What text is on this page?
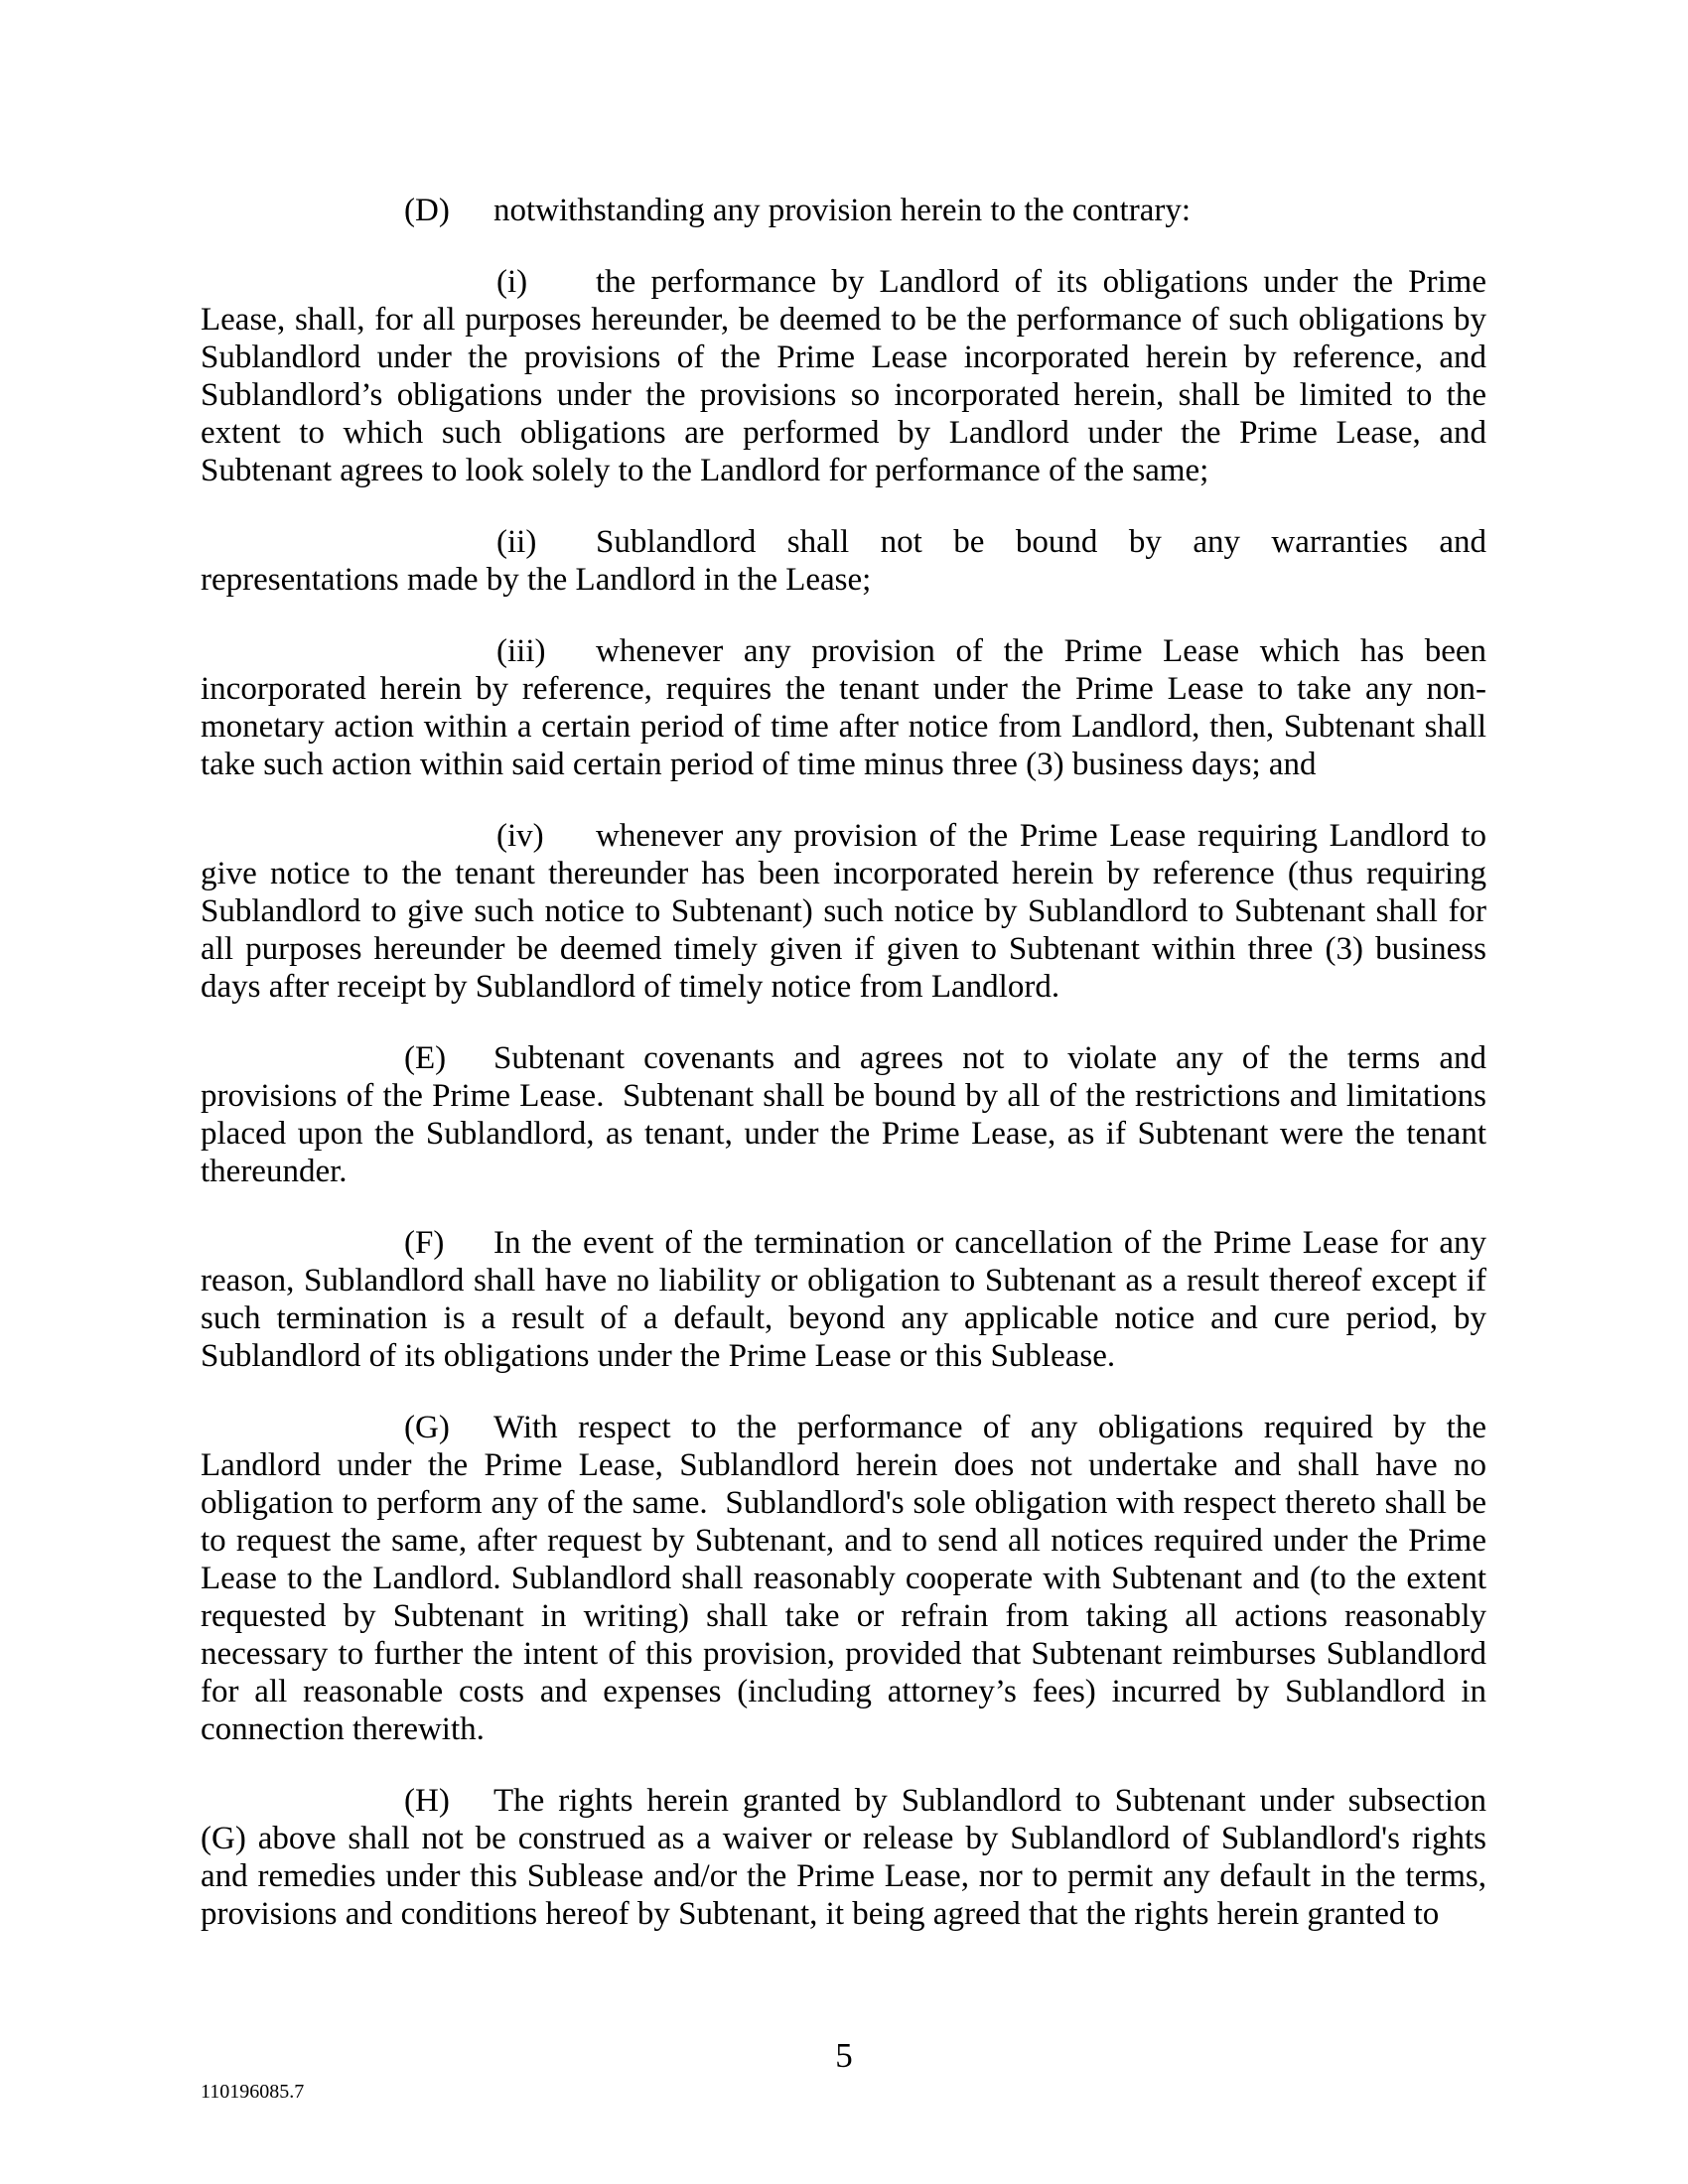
(D) notwithstanding any provision herein to the contrary:

(i) the performance by Landlord of its obligations under the Prime Lease, shall, for all purposes hereunder, be deemed to be the performance of such obligations by Sublandlord under the provisions of the Prime Lease incorporated herein by reference, and Sublandlord’s obligations under the provisions so incorporated herein, shall be limited to the extent to which such obligations are performed by Landlord under the Prime Lease, and Subtenant agrees to look solely to the Landlord for performance of the same;

(ii) Sublandlord shall not be bound by any warranties and representations made by the Landlord in the Lease;

(iii) whenever any provision of the Prime Lease which has been incorporated herein by reference, requires the tenant under the Prime Lease to take any non-monetary action within a certain period of time after notice from Landlord, then, Subtenant shall take such action within said certain period of time minus three (3) business days; and

(iv) whenever any provision of the Prime Lease requiring Landlord to give notice to the tenant thereunder has been incorporated herein by reference (thus requiring Sublandlord to give such notice to Subtenant) such notice by Sublandlord to Subtenant shall for all purposes hereunder be deemed timely given if given to Subtenant within three (3) business days after receipt by Sublandlord of timely notice from Landlord.

(E) Subtenant covenants and agrees not to violate any of the terms and provisions of the Prime Lease.  Subtenant shall be bound by all of the restrictions and limitations placed upon the Sublandlord, as tenant, under the Prime Lease, as if Subtenant were the tenant thereunder.

(F) In the event of the termination or cancellation of the Prime Lease for any reason, Sublandlord shall have no liability or obligation to Subtenant as a result thereof except if such termination is a result of a default, beyond any applicable notice and cure period, by Sublandlord of its obligations under the Prime Lease or this Sublease.

(G) With respect to the performance of any obligations required by the Landlord under the Prime Lease, Sublandlord herein does not undertake and shall have no obligation to perform any of the same.  Sublandlord's sole obligation with respect thereto shall be to request the same, after request by Subtenant, and to send all notices required under the Prime Lease to the Landlord. Sublandlord shall reasonably cooperate with Subtenant and (to the extent requested by Subtenant in writing) shall take or refrain from taking all actions reasonably necessary to further the intent of this provision, provided that Subtenant reimburses Sublandlord for all reasonable costs and expenses (including attorney’s fees) incurred by Sublandlord in connection therewith.

(H) The rights herein granted by Sublandlord to Subtenant under subsection (G) above shall not be construed as a waiver or release by Sublandlord of Sublandlord's rights and remedies under this Sublease and/or the Prime Lease, nor to permit any default in the terms, provisions and conditions hereof by Subtenant, it being agreed that the rights herein granted to

5
110196085.7
